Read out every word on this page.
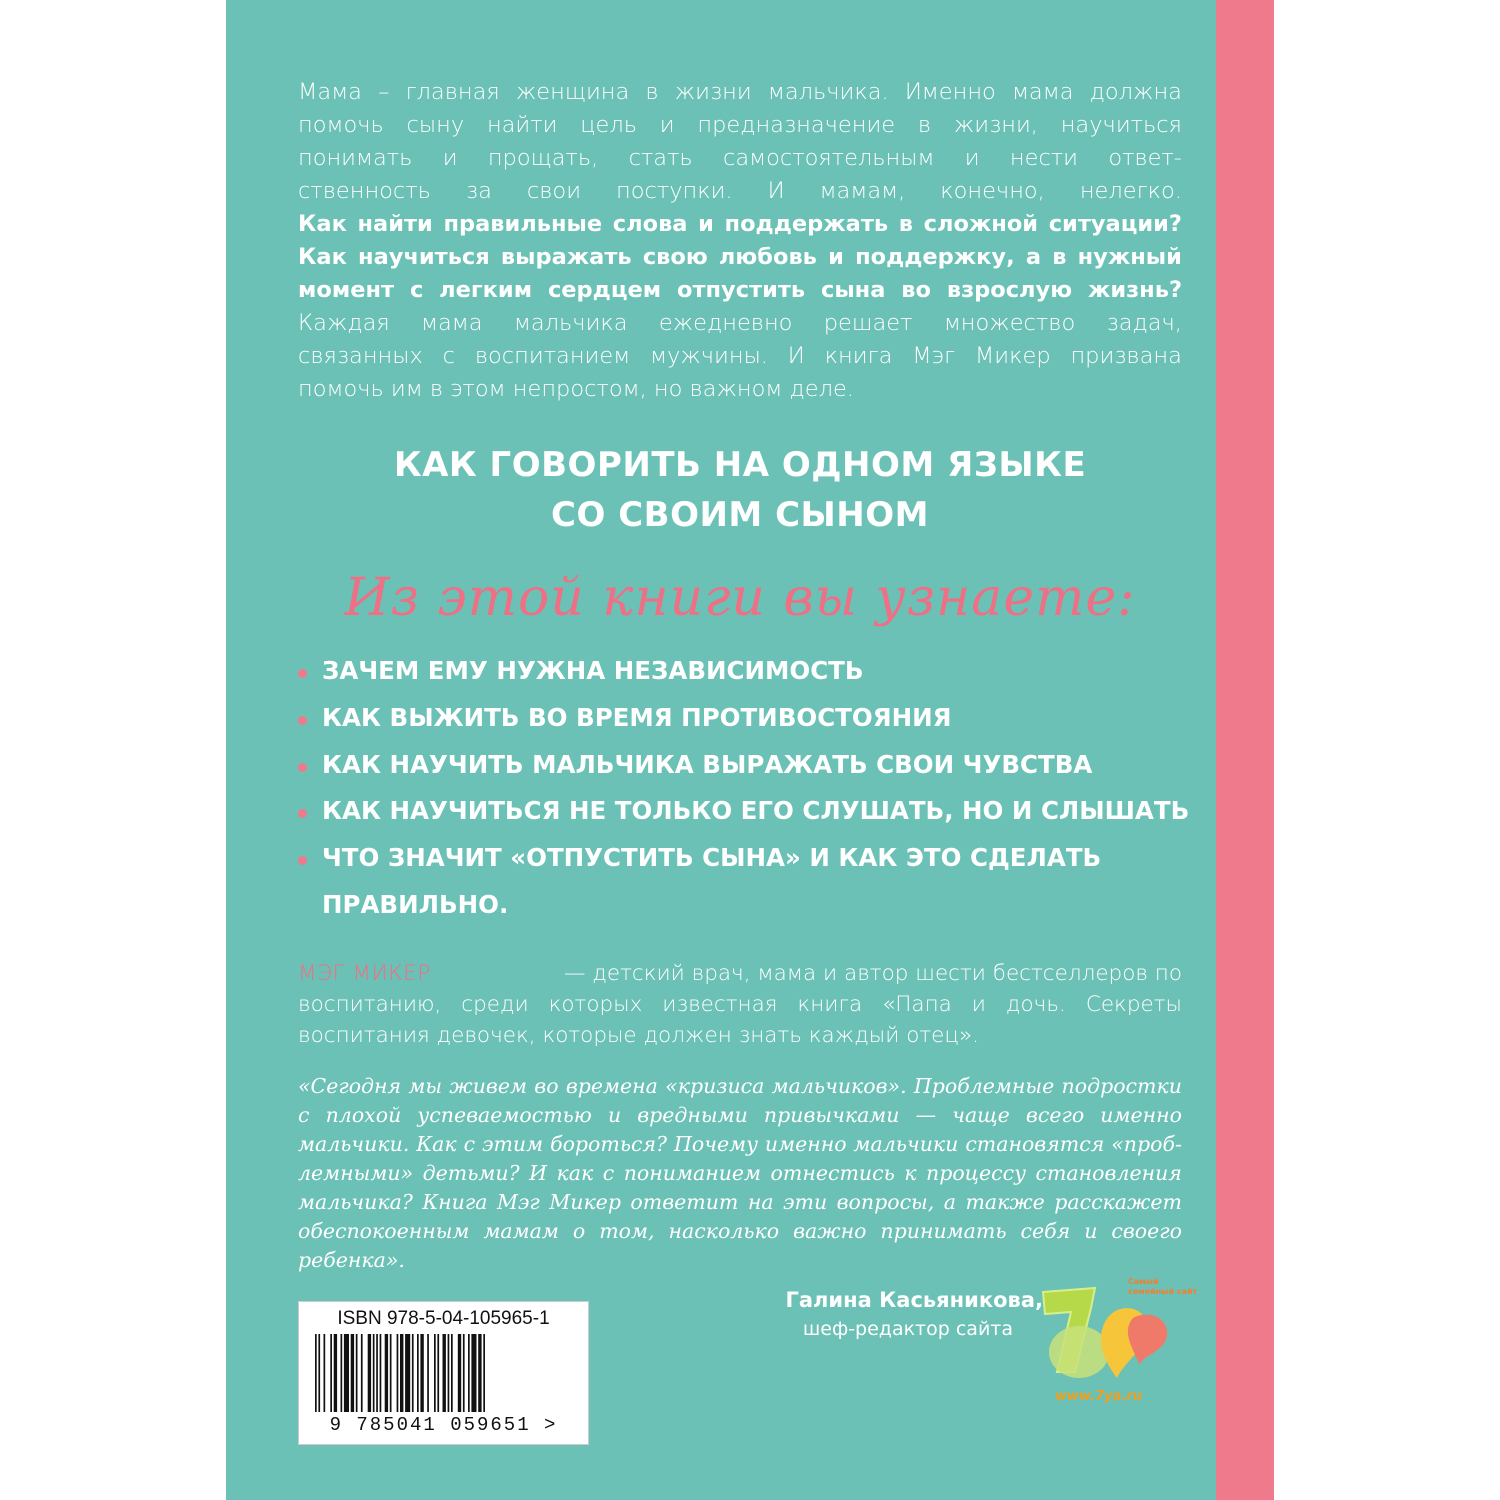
Мама – главная женщина в жизни мальчика. Именно мама должна
помочь сыну найти цель и предназначение в жизни, научиться
понимать и прощать, стать самостоятельным и нести ответ-
ственность за свои поступки. И мамам, конечно, нелегко.
Как найти правильные слова и поддержать в сложной ситуации?
Как научиться выражать свою любовь и поддержку, а в нужный
момент с легким сердцем отпустить сына во взрослую жизнь?
Каждая мама мальчика ежедневно решает множество задач,
связанных с воспитанием мужчины. И книга Мэг Микер призвана
помочь им в этом непростом, но важном деле.
КАК ГОВОРИТЬ НА ОДНОМ ЯЗЫКЕ
СО СВОИМ СЫНОМ
Из этой книги вы узнаете:
ЗАЧЕМ ЕМУ НУЖНА НЕЗАВИСИМОСТЬ
КАК ВЫЖИТЬ ВО ВРЕМЯ ПРОТИВОСТОЯНИЯ
КАК НАУЧИТЬ МАЛЬЧИКА ВЫРАЖАТЬ СВОИ ЧУВСТВА
КАК НАУЧИТЬСЯ НЕ ТОЛЬКО ЕГО СЛУШАТЬ, НО И СЛЫШАТЬ
ЧТО ЗНАЧИТ «ОТПУСТИТЬ СЫНА» И КАК ЭТО СДЕЛАТЬ
ПРАВИЛЬНО.
МЭГ МИКЕР	— детский врач, мама и автор шести бестселлеров по
воспитанию, среди которых известная книга «Папа и дочь. Секреты
воспитания девочек, которые должен знать каждый отец».
«Сегодня мы живем во времена «кризиса мальчиков». Проблемные подростки
с плохой успеваемостью и вредными привычками — чаще всего именно
мальчики. Как с этим бороться? Почему именно мальчики становятся «проб-
лемными» детьми? И как с пониманием отнестись к процессу становления
мальчика? Книга Мэг Микер ответит на эти вопросы, а также расскажет
обеспокоенным мамам о том, насколько важно принимать себя и своего
ребенка».
Галина Касьяникова,
шеф-редактор сайта
ISBN 978-5-04-105965-1
9 785041 059651 >
Самый
семейный сайт
www.7ya.ru
